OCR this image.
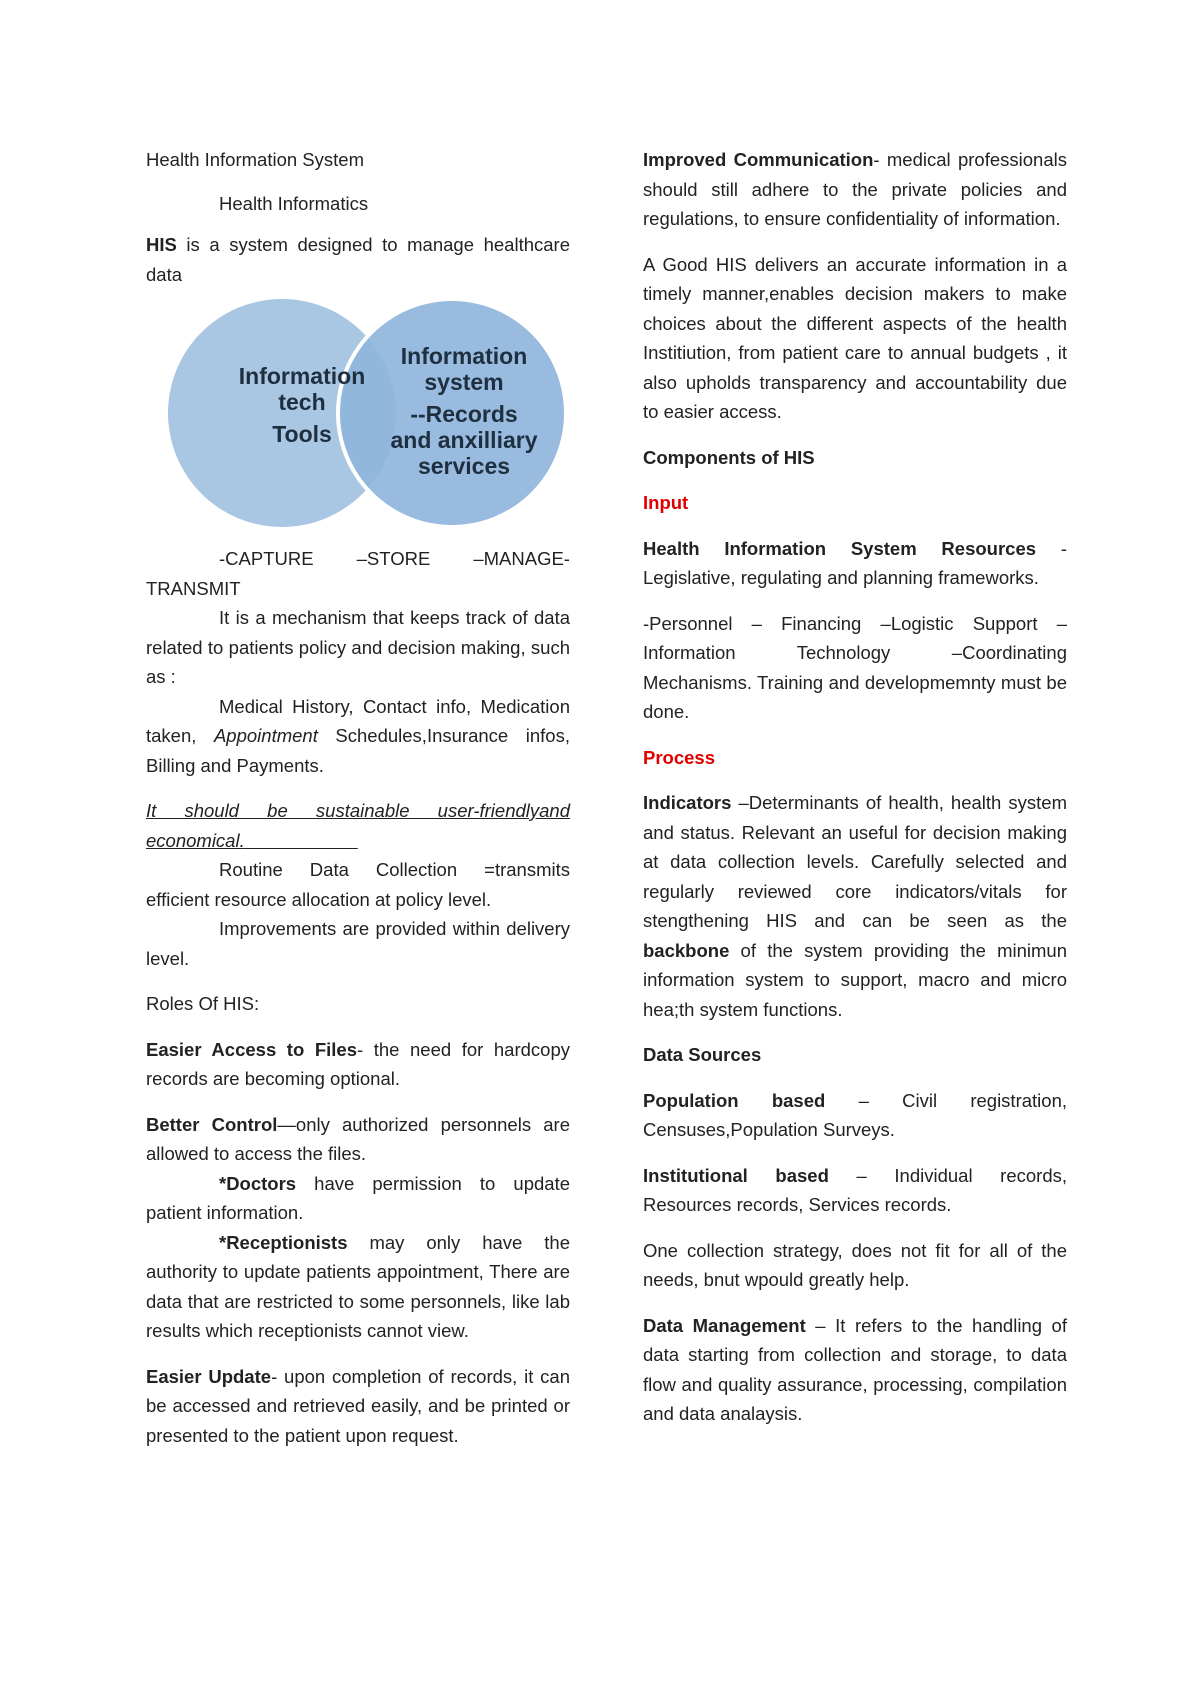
Health Information System

Health Informatics

HIS is a system designed to manage healthcare data

Information
tech
Tools
Information
system
--Records
and anxilliary
services
-CAPTURE –STORE –MANAGE-
TRANSMIT

It is a mechanism that keeps track of data related to patients policy and decision making, such as :

Medical History, Contact info, Medication taken, Appointment Schedules,Insurance infos, Billing and Payments.

It should be sustainable user-friendlyand economical.

Routine Data Collection =transmits efficient resource allocation at policy level.

Improvements are provided within delivery level.

Roles Of HIS:

Easier Access to Files- the need for hardcopy records are becoming optional.

Better Control—only authorized personnels are allowed to access the files.

*Doctors have permission to update patient information.

*Receptionists may only have the authority to update patients appointment, There are data that are restricted to some personnels, like lab results which receptionists cannot view.

Easier Update- upon completion of records, it can be accessed and retrieved easily, and be printed or presented to the patient upon request.

Improved Communication- medical professionals should still adhere to the private policies and regulations, to ensure confidentiality of information.

A Good HIS delivers an accurate information in a timely manner,enables decision makers to make choices about the different aspects of the health Institiution, from patient care to annual budgets , it also upholds transparency and accountability due to easier access.

Components of HIS

Input

Health Information System Resources - Legislative, regulating and planning frameworks.

-Personnel – Financing –Logistic Support – Information Technology –Coordinating Mechanisms. Training and developmemnty must be done.

Process

Indicators –Determinants of health, health system and status. Relevant an useful for decision making at data collection levels. Carefully selected and regularly reviewed core indicators/vitals for stengthening HIS and can be seen as the backbone of the system providing the minimun information system to support, macro and micro hea;th system functions.

Data Sources

Population based – Civil registration, Censuses,Population Surveys.

Institutional based – Individual records, Resources records, Services records.

One collection strategy, does not fit for all of the needs, bnut wpould greatly help.

Data Management – It refers to the handling of data starting from collection and storage, to data flow and quality assurance, processing, compilation and data analaysis.
